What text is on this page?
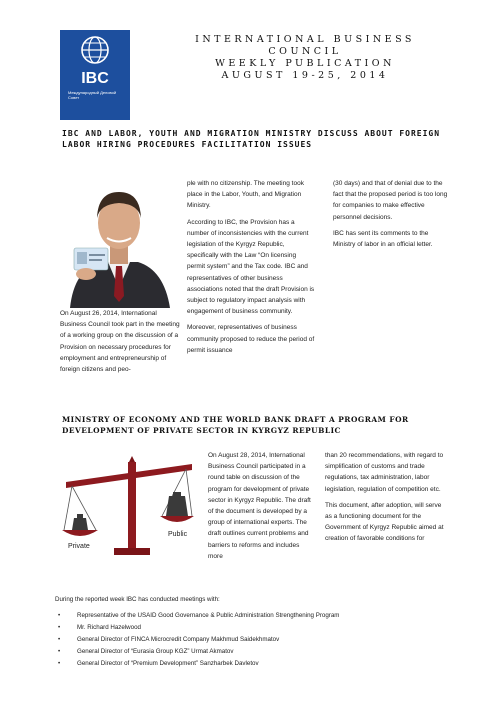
IBC
Международный Деловой Совет
INTERNATIONAL BUSINESS
COUNCIL
WEEKLY PUBLICATION
AUGUST 19-25, 2014
IBC AND LABOR, YOUTH AND MIGRATION MINISTRY DISCUSS ABOUT FOREIGN LABOR HIRING PROCEDURES FACILITATION ISSUES

On August 26, 2014, International Business Council took part in the meeting of a working group on the discussion of a Provision on necessary procedures for employment and entrepreneurship of foreign citizens and peo-

ple with no citizenship. The meeting took place in the Labor, Youth, and Migration Ministry.

According to IBC, the Provision has a number of inconsistencies with the current legislation of the Kyrgyz Republic, specifically with the Law “On licensing permit system” and the Tax code. IBC and representatives of other business associations noted that the draft Provision is subject to regulatory impact analysis with engagement of business community.

Moreover, representatives of business community proposed to reduce the period of permit issuance

(30 days) and that of denial due to the fact that the proposed period is too long for companies to make effective personnel decisions.

IBC has sent its comments to the Ministry of labor in an official letter.

MINISTRY OF ECONOMY AND THE WORLD BANK DRAFT A PROGRAM FOR DEVELOPMENT OF PRIVATE SECTOR IN KYRGYZ REPUBLIC
Private
Public

On August 28, 2014, International Business Council participated in a round table on discussion of the program for development of private sector in Kyrgyz Republic. The draft of the document is developed by a group of international experts. The draft outlines current problems and barriers to reforms and includes more

than 20 recommendations, with regard to simplification of customs and trade regulations, tax administration, labor legislation, regulation of competition etc.

This document, after adoption, will serve as a functioning document for the Government of Kyrgyz Republic aimed at creation of favorable conditions for

During the reported week IBC has conducted meetings with:
•	Representative of the USAID Good Governance & Public Administration Strengthening Program
•	Mr. Richard Hazelwood
•	General Director of FINCA Microcredit Company Makhmud Saidekhmatov
•	General Director of “Eurasia Group KGZ” Urmat Akmatov
•	General Director of “Premium Development” Sanzharbek Davletov
